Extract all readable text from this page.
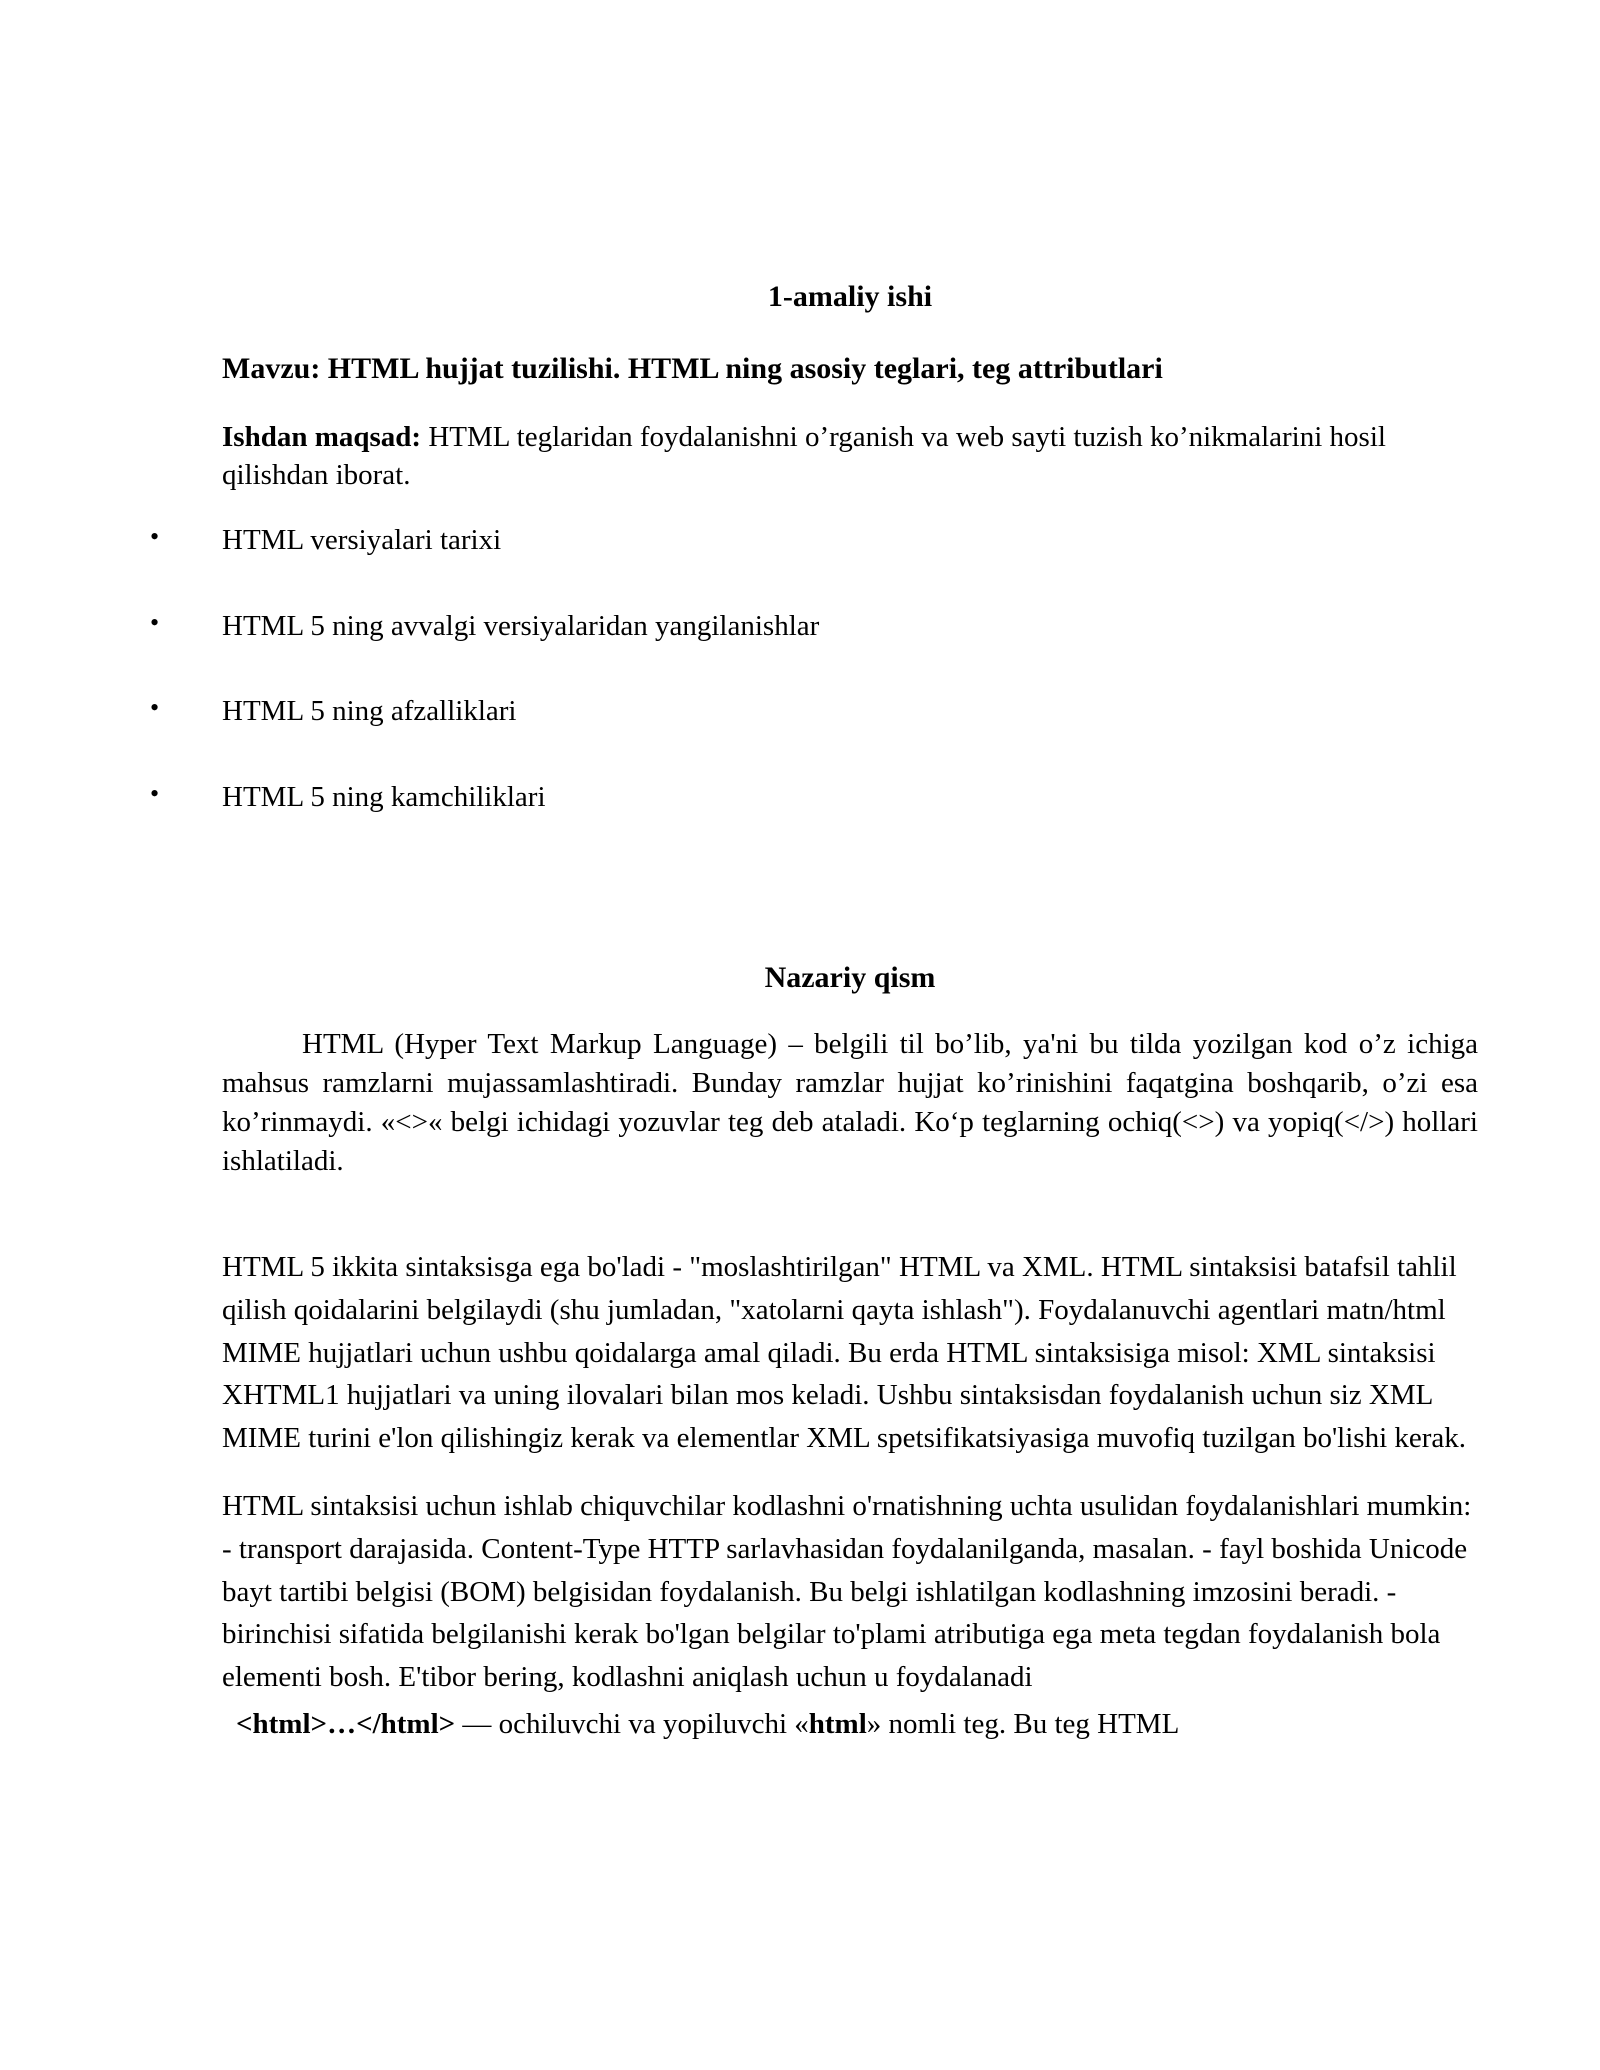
1-amaliy ishi
Mavzu: HTML hujjat tuzilishi. HTML ning asosiy teglari, teg attributlari

Ishdan maqsad: HTML teglaridan foydalanishni o’rganish va web sayti tuzish ko’nikmalarini hosil qilishdan iborat.

• HTML versiyalari tarixi
• HTML 5 ning avvalgi versiyalaridan yangilanishlar
• HTML 5 ning afzalliklari
• HTML 5 ning kamchiliklari
Nazariy qism

HTML (Hyper Text Markup Language) – belgili til bo’lib, ya'ni bu tilda yozilgan kod o’z ichiga mahsus ramzlarni mujassamlashtiradi. Bunday ramzlar hujjat ko’rinishini faqatgina boshqarib, o’zi esa ko’rinmaydi. «<>« belgi ichidagi yozuvlar teg deb ataladi. Ko‘p teglarning ochiq(<>) va yopiq(</>) hollari ishlatiladi.

HTML 5 ikkita sintaksisga ega bo'ladi - "moslashtirilgan" HTML va XML. HTML sintaksisi batafsil tahlil qilish qoidalarini belgilaydi (shu jumladan, "xatolarni qayta ishlash"). Foydalanuvchi agentlari matn/html MIME hujjatlari uchun ushbu qoidalarga amal qiladi. Bu erda HTML sintaksisiga misol: XML sintaksisi XHTML1 hujjatlari va uning ilovalari bilan mos keladi. Ushbu sintaksisdan foydalanish uchun siz XML MIME turini e'lon qilishingiz kerak va elementlar XML spetsifikatsiyasiga muvofiq tuzilgan bo'lishi kerak.

HTML sintaksisi uchun ishlab chiquvchilar kodlashni o'rnatishning uchta usulidan foydalanishlari mumkin: - transport darajasida. Content-Type HTTP sarlavhasidan foydalanilganda, masalan. - fayl boshida Unicode bayt tartibi belgisi (BOM) belgisidan foydalanish. Bu belgi ishlatilgan kodlashning imzosini beradi. - birinchisi sifatida belgilanishi kerak bo'lgan belgilar to'plami atributiga ega meta tegdan foydalanish bola elementi bosh. E'tibor bering, kodlashni aniqlash uchun u foydalanadi

<html>…</html> — ochiluvchi va yopiluvchi «html» nomli teg. Bu teg HTML
